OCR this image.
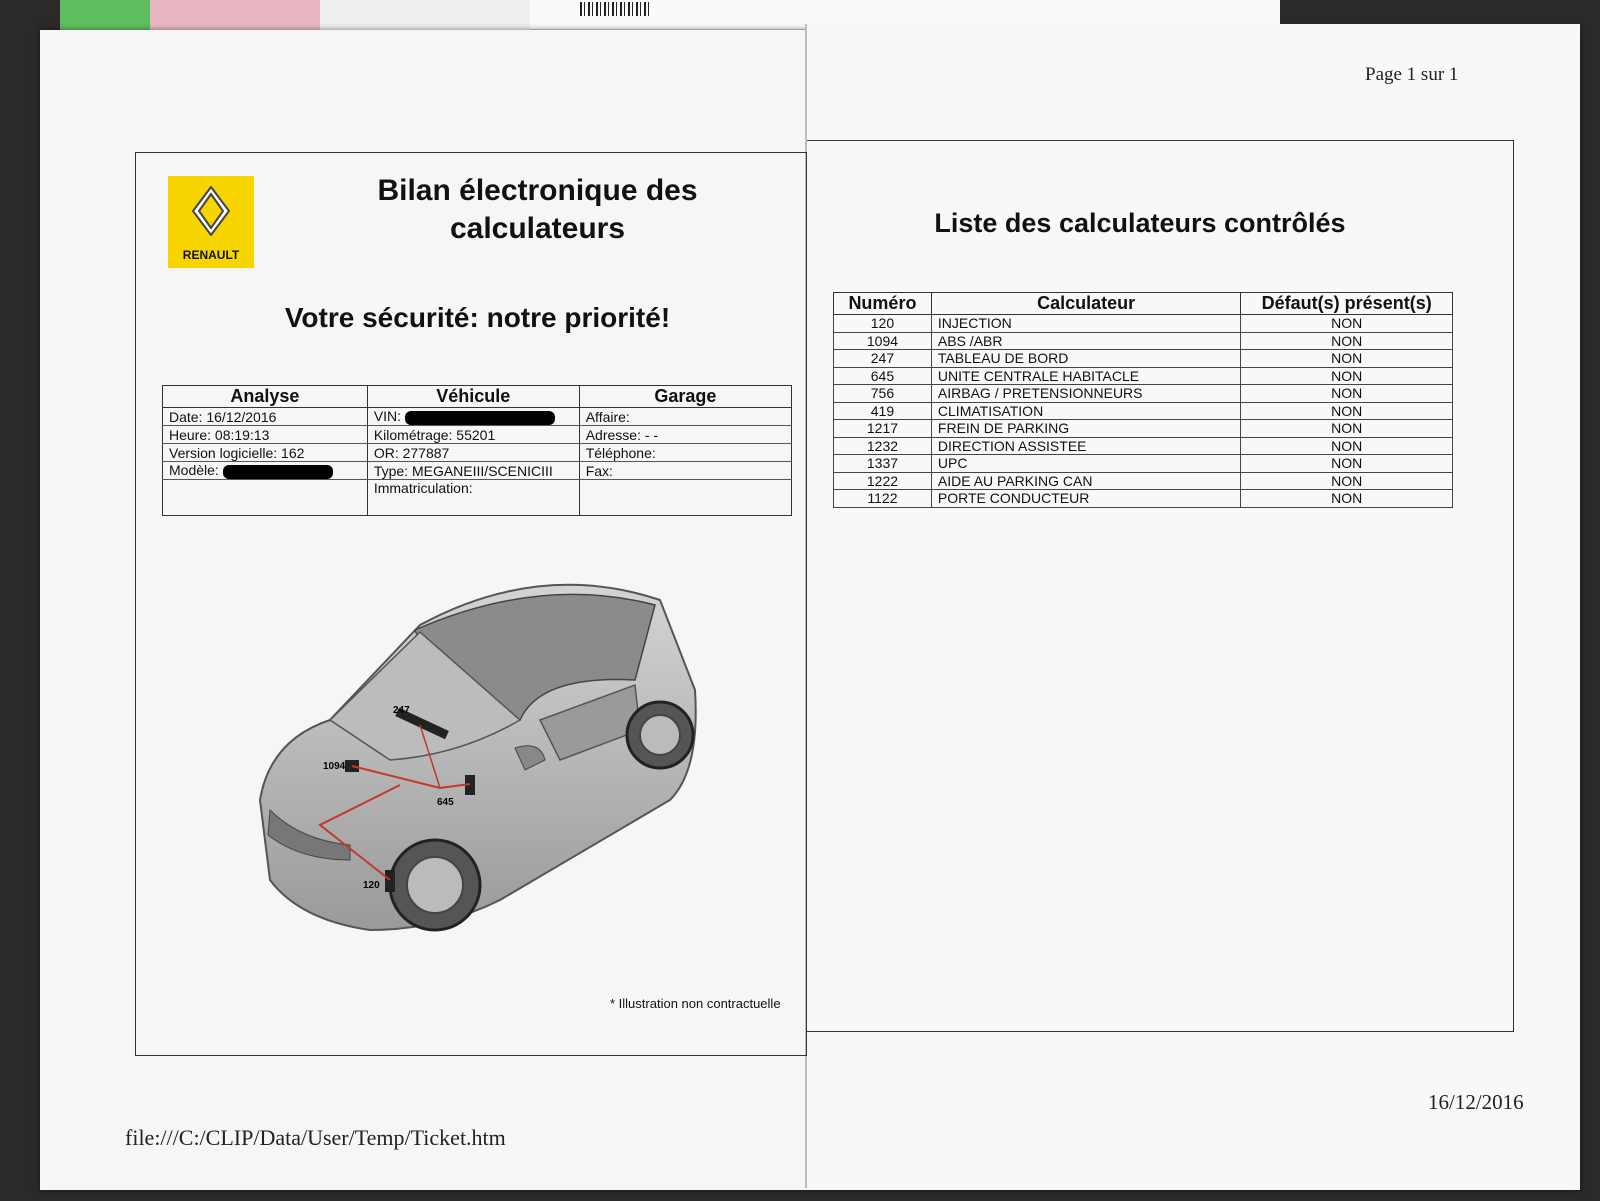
Page 1 sur 1
RENAULT
Bilan électronique des calculateurs
Votre sécurité: notre priorité!
Analyse	Véhicule	Garage
Date: 16/12/2016	VIN:	Affaire:
Heure: 08:19:13	Kilométrage: 55201	Adresse: - -
Version logicielle: 162	OR: 277887	Téléphone:
Modèle:	Type: MEGANEIII/SCENICIII	Fax:
	Immatriculation:	
247
1094
645
120
* Illustration non contractuelle
Liste des calculateurs contrôlés
Numéro	Calculateur	Défaut(s) présent(s)
120	INJECTION	NON
1094	ABS /ABR	NON
247	TABLEAU DE BORD	NON
645	UNITE CENTRALE HABITACLE	NON
756	AIRBAG / PRETENSIONNEURS	NON
419	CLIMATISATION	NON
1217	FREIN DE PARKING	NON
1232	DIRECTION ASSISTEE	NON
1337	UPC	NON
1222	AIDE AU PARKING CAN	NON
1122	PORTE CONDUCTEUR	NON
file:///C:/CLIP/Data/User/Temp/Ticket.htm
16/12/2016
